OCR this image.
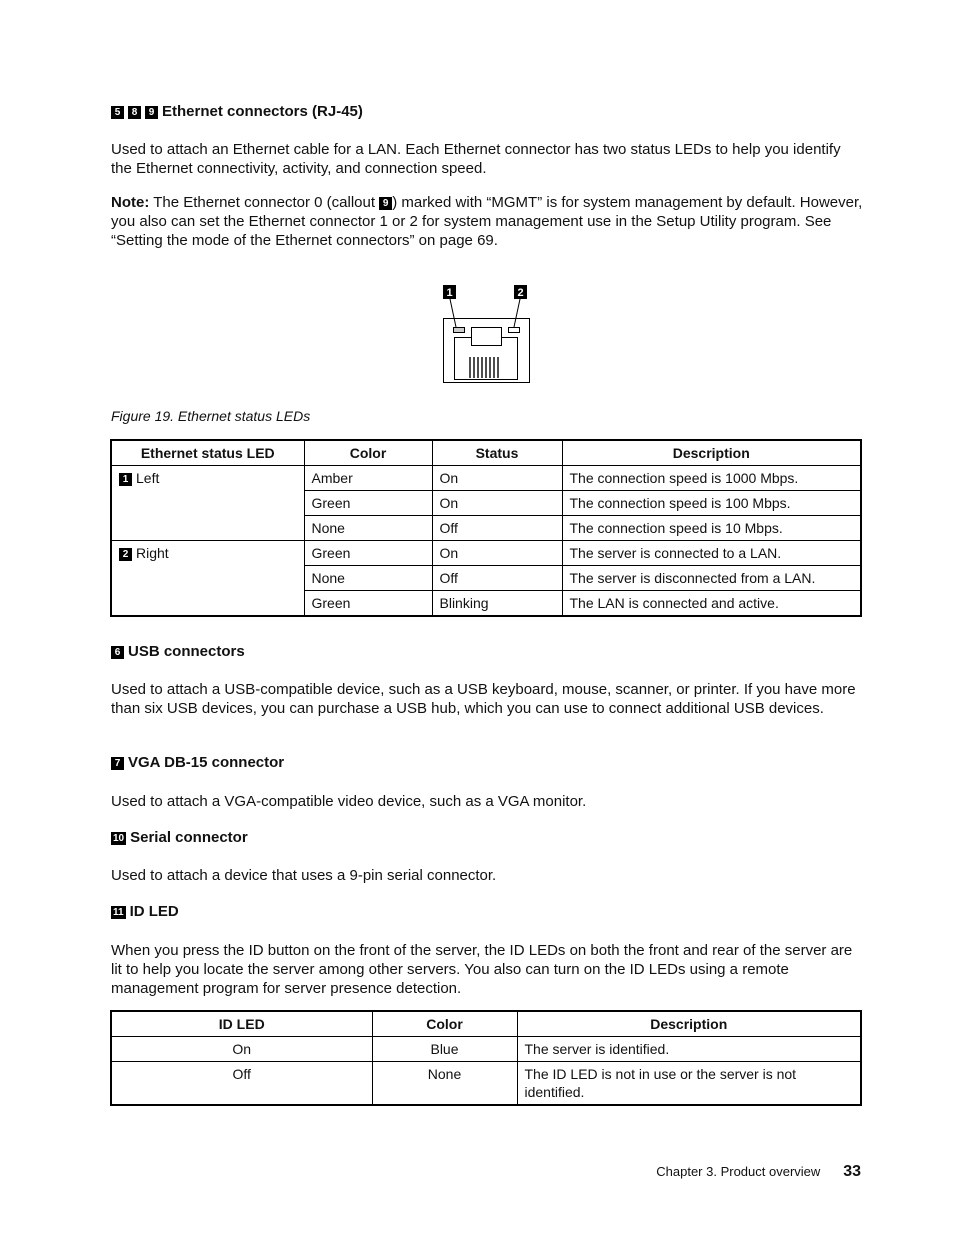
5 8 9 Ethernet connectors (RJ-45)
Used to attach an Ethernet cable for a LAN. Each Ethernet connector has two status LEDs to help you identify the Ethernet connectivity, activity, and connection speed.
Note: The Ethernet connector 0 (callout 9 ) marked with “MGMT” is for system management by default. However, you also can set the Ethernet connector 1 or 2 for system management use in the Setup Utility program. See “Setting the mode of the Ethernet connectors” on page 69.
1	2
Figure 19. Ethernet status LEDs
Ethernet status LED	Color	Status	Description
1 Left	Amber	On	The connection speed is 1000 Mbps.
	Green	On	The connection speed is 100 Mbps.
	None	Off	The connection speed is 10 Mbps.
2 Right	Green	On	The server is connected to a LAN.
	None	Off	The server is disconnected from a LAN.
	Green	Blinking	The LAN is connected and active.
6 USB connectors
Used to attach a USB-compatible device, such as a USB keyboard, mouse, scanner, or printer. If you have more than six USB devices, you can purchase a USB hub, which you can use to connect additional USB devices.
7 VGA DB-15 connector
Used to attach a VGA-compatible video device, such as a VGA monitor.
10 Serial connector
Used to attach a device that uses a 9-pin serial connector.
11 ID LED
When you press the ID button on the front of the server, the ID LEDs on both the front and rear of the server are lit to help you locate the server among other servers. You also can turn on the ID LEDs using a remote management program for server presence detection.
ID LED	Color	Description
On	Blue	The server is identified.
Off	None	The ID LED is not in use or the server is not identified.
Chapter 3. Product overview 33
